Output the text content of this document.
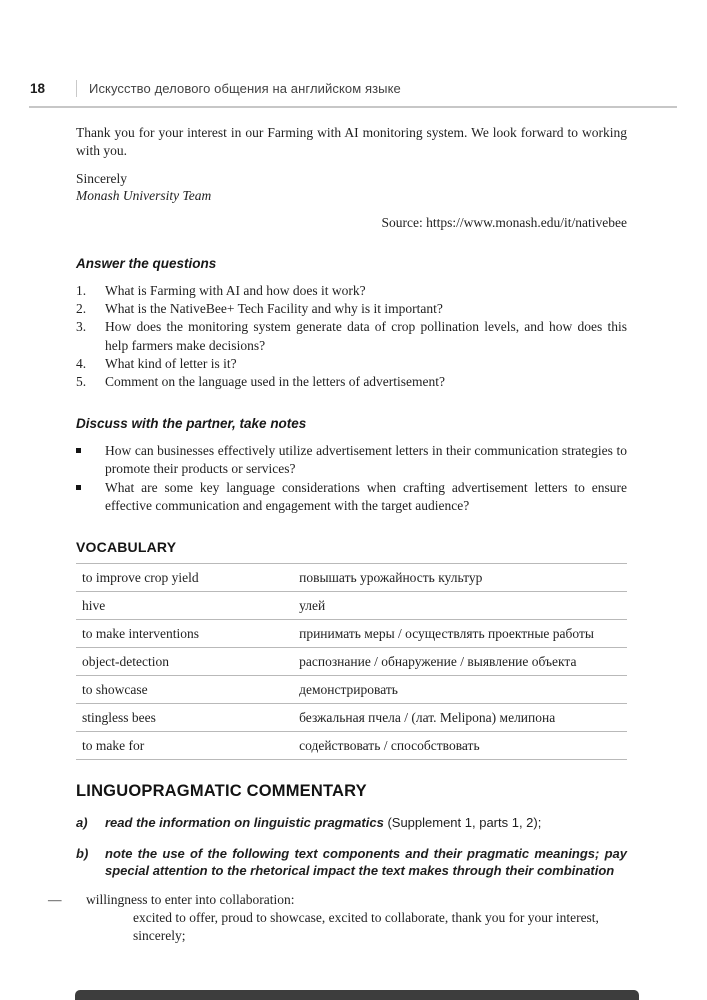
18	Искусство делового общения на английском языке

Thank you for your interest in our Farming with AI monitoring system. We look forward to working with you.

Sincerely
Monash University Team
Source: https://www.monash.edu/it/nativebee
Answer the questions
1.	What is Farming with AI and how does it work?
2.	What is the NativeBee+ Tech Facility and why is it important?
3.	How does the monitoring system generate data of crop pollination levels, and how does this help farmers make decisions?
4.	What kind of letter is it?
5.	Comment on the language used in the letters of advertisement?
Discuss with the partner, take notes
How can businesses effectively utilize advertisement letters in their communication strategies to promote their products or services?
What are some key language considerations when crafting advertisement letters to ensure effective communication and engagement with the target audience?
VOCABULARY
to improve crop yield	повышать урожайность культур
hive	улей
to make interventions	принимать меры / осуществлять проектные работы
object-detection	распознание / обнаружение / выявление объекта
to showcase	демонстрировать
stingless bees	безжальная пчела / (лат. Melipona) мелипона
to make for	содействовать / способствовать
LINGUOPRAGMATIC COMMENTARY
a)	read the information on linguistic pragmatics (Supplement 1, parts 1, 2);
b)	note the use of the following text components and their pragmatic meanings; pay special attention to the rhetorical impact the text makes through their combination
—	willingness to enter into collaboration:
excited to offer, proud to showcase, excited to collaborate, thank you for your interest, sincerely;
